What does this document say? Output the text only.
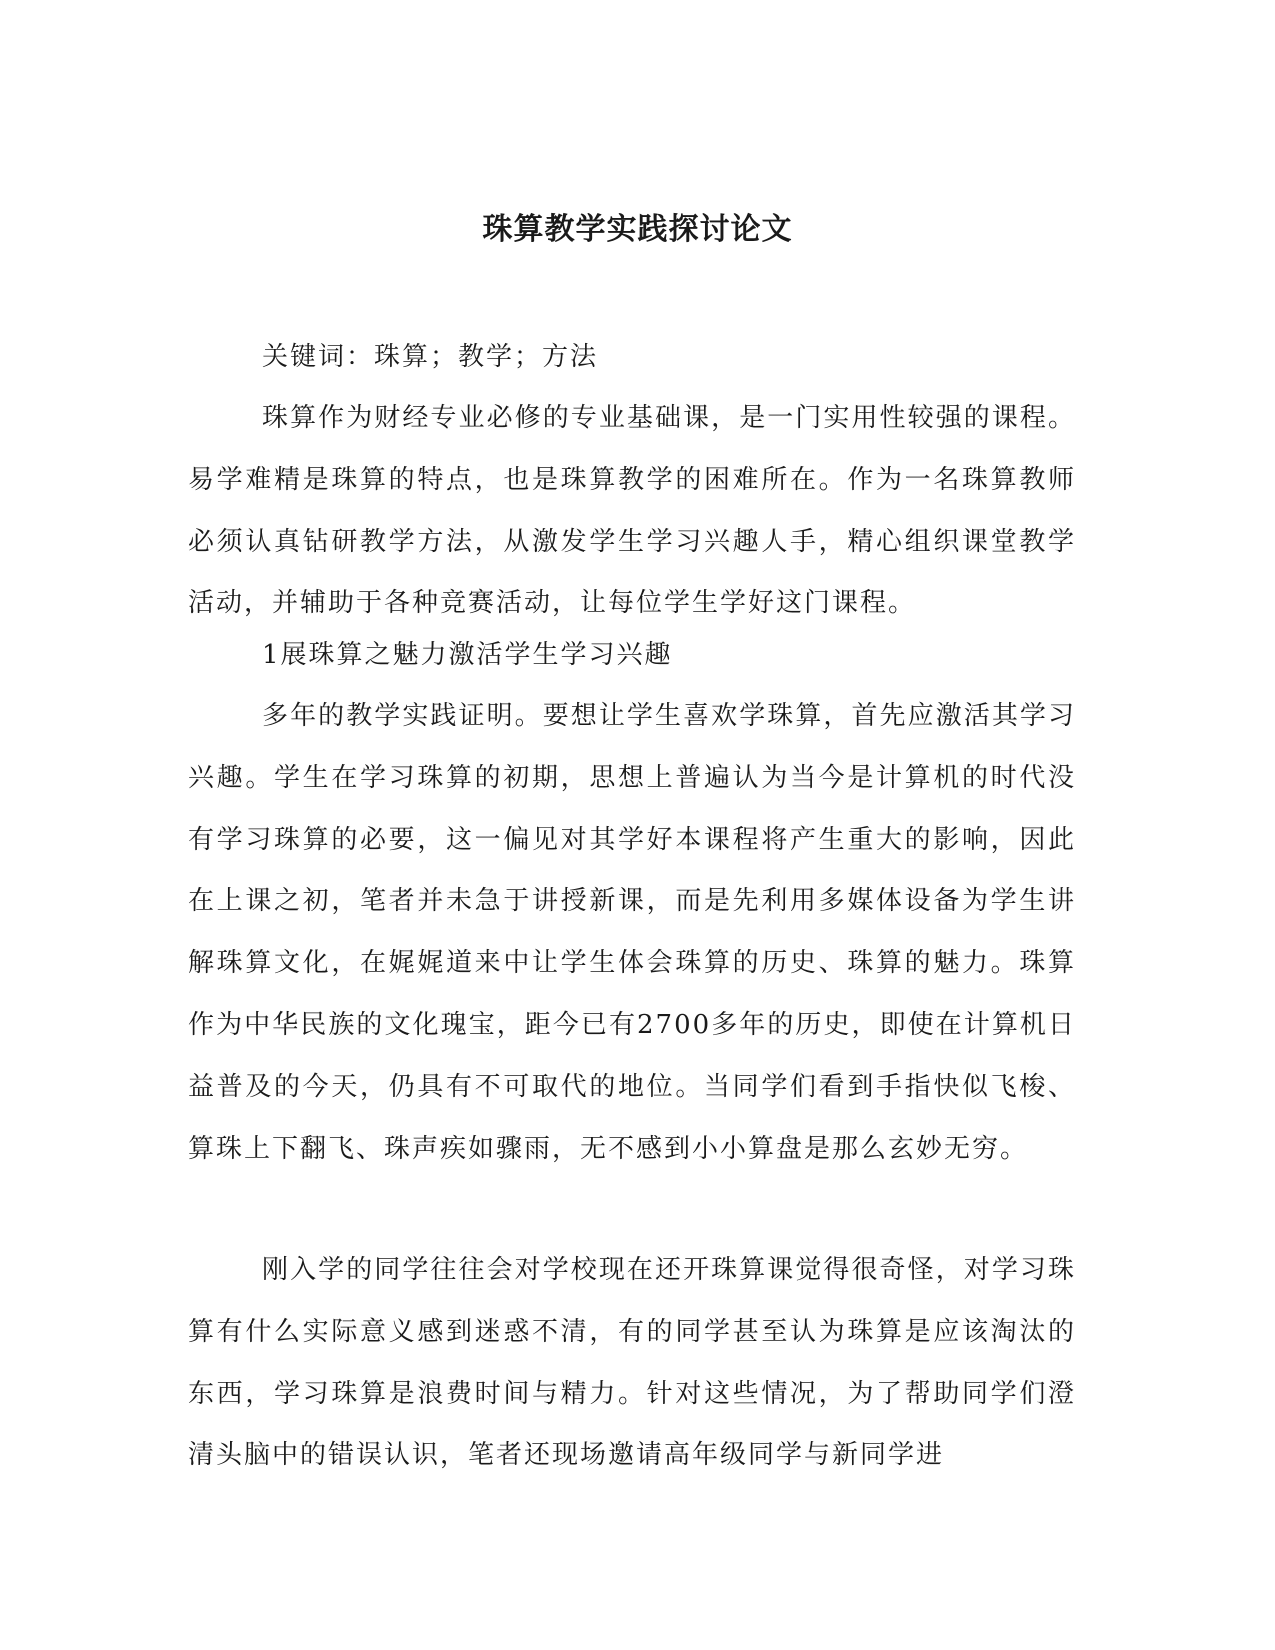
珠算教学实践探讨论文

关键词：珠算；教学；方法

珠算作为财经专业必修的专业基础课，是一门实用性较强的课程。易学难精是珠算的特点，也是珠算教学的困难所在。作为一名珠算教师必须认真钻研教学方法，从激发学生学习兴趣人手，精心组织课堂教学活动，并辅助于各种竞赛活动，让每位学生学好这门课程。

1展珠算之魅力激活学生学习兴趣

多年的教学实践证明。要想让学生喜欢学珠算，首先应激活其学习兴趣。学生在学习珠算的初期，思想上普遍认为当今是计算机的时代没有学习珠算的必要，这一偏见对其学好本课程将产生重大的影响，因此在上课之初，笔者并未急于讲授新课，而是先利用多媒体设备为学生讲解珠算文化，在娓娓道来中让学生体会珠算的历史、珠算的魅力。珠算作为中华民族的文化瑰宝，距今已有2700多年的历史，即使在计算机日益普及的今天，仍具有不可取代的地位。当同学们看到手指快似飞梭、算珠上下翻飞、珠声疾如骤雨，无不感到小小算盘是那么玄妙无穷。

刚入学的同学往往会对学校现在还开珠算课觉得很奇怪，对学习珠算有什么实际意义感到迷惑不清，有的同学甚至认为珠算是应该淘汰的东西，学习珠算是浪费时间与精力。针对这些情况，为了帮助同学们澄清头脑中的错误认识，笔者还现场邀请高年级同学与新同学进
